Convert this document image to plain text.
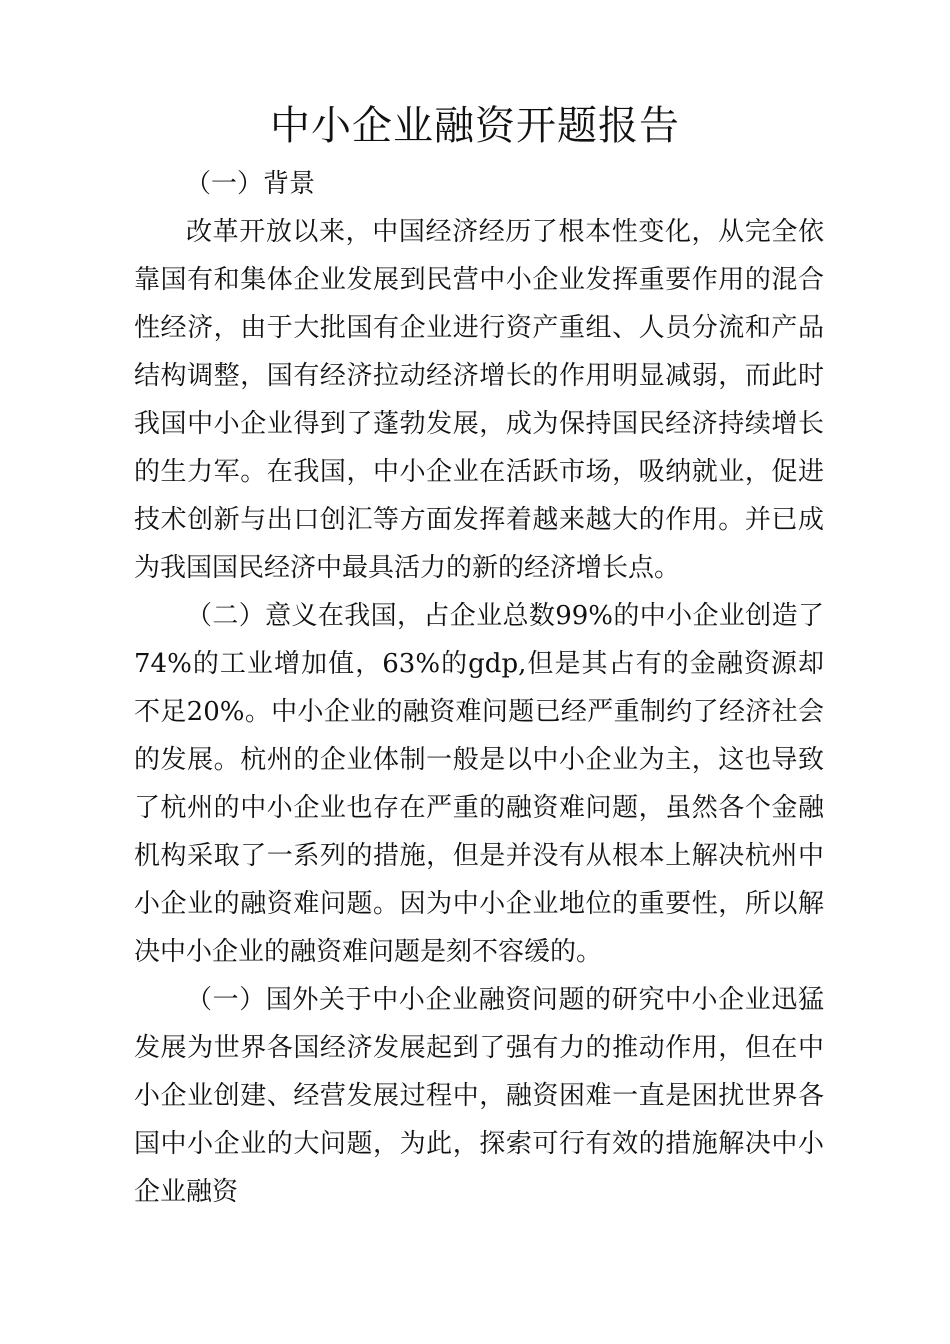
中小企业融资开题报告

（一）背景

改革开放以来，中国经济经历了根本性变化，从完全依靠国有和集体企业发展到民营中小企业发挥重要作用的混合性经济，由于大批国有企业进行资产重组、人员分流和产品结构调整，国有经济拉动经济增长的作用明显减弱，而此时我国中小企业得到了蓬勃发展，成为保持国民经济持续增长的生力军。在我国，中小企业在活跃市场，吸纳就业，促进技术创新与出口创汇等方面发挥着越来越大的作用。并已成为我国国民经济中最具活力的新的经济增长点。

（二）意义在我国，占企业总数99%的中小企业创造了74%的工业增加值，63%的gdp,但是其占有的金融资源却不足20%。中小企业的融资难问题已经严重制约了经济社会的发展。杭州的企业体制一般是以中小企业为主，这也导致了杭州的中小企业也存在严重的融资难问题，虽然各个金融机构采取了一系列的措施，但是并没有从根本上解决杭州中小企业的融资难问题。因为中小企业地位的重要性，所以解决中小企业的融资难问题是刻不容缓的。

（一）国外关于中小企业融资问题的研究中小企业迅猛发展为世界各国经济发展起到了强有力的推动作用，但在中小企业创建、经营发展过程中，融资困难一直是困扰世界各国中小企业的大问题，为此，探索可行有效的措施解决中小企业融资
